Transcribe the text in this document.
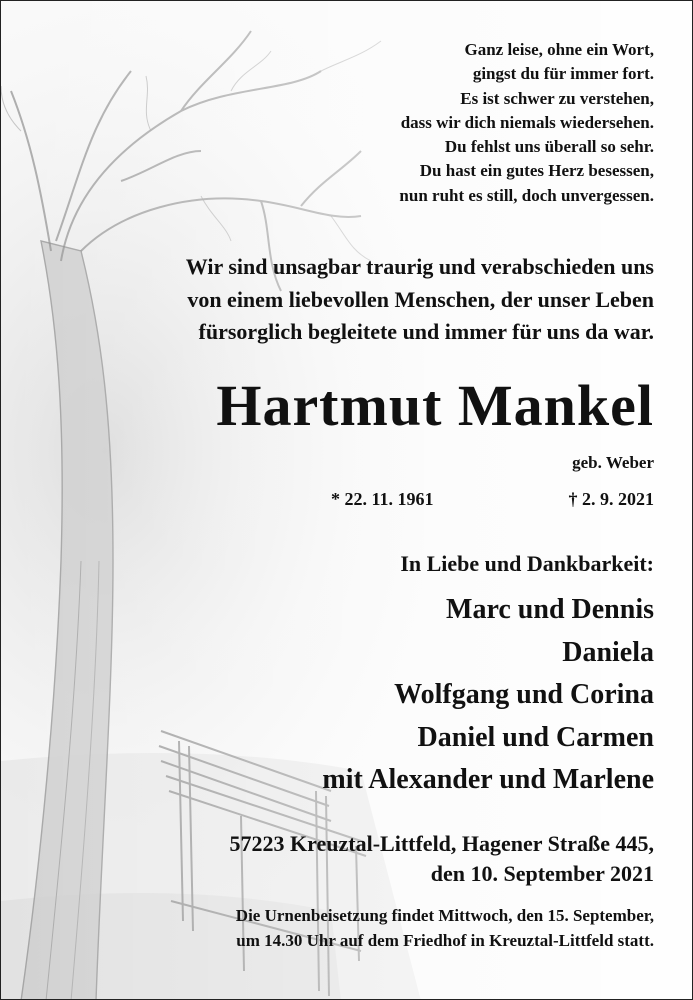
Ganz leise, ohne ein Wort,
gingst du für immer fort.
Es ist schwer zu verstehen,
dass wir dich niemals wiedersehen.
Du fehlst uns überall so sehr.
Du hast ein gutes Herz besessen,
nun ruht es still, doch unvergessen.
Wir sind unsagbar traurig und verabschieden uns
von einem liebevollen Menschen, der unser Leben
fürsorglich begleitete und immer für uns da war.
Hartmut Mankel
geb. Weber
* 22. 11. 1961	† 2. 9. 2021
In Liebe und Dankbarkeit:
Marc und Dennis
Daniela
Wolfgang und Corina
Daniel und Carmen
mit Alexander und Marlene
57223 Kreuztal-Littfeld, Hagener Straße 445,
den 10. September 2021
Die Urnenbeisetzung findet Mittwoch, den 15. September,
um 14.30 Uhr auf dem Friedhof in Kreuztal-Littfeld statt.
